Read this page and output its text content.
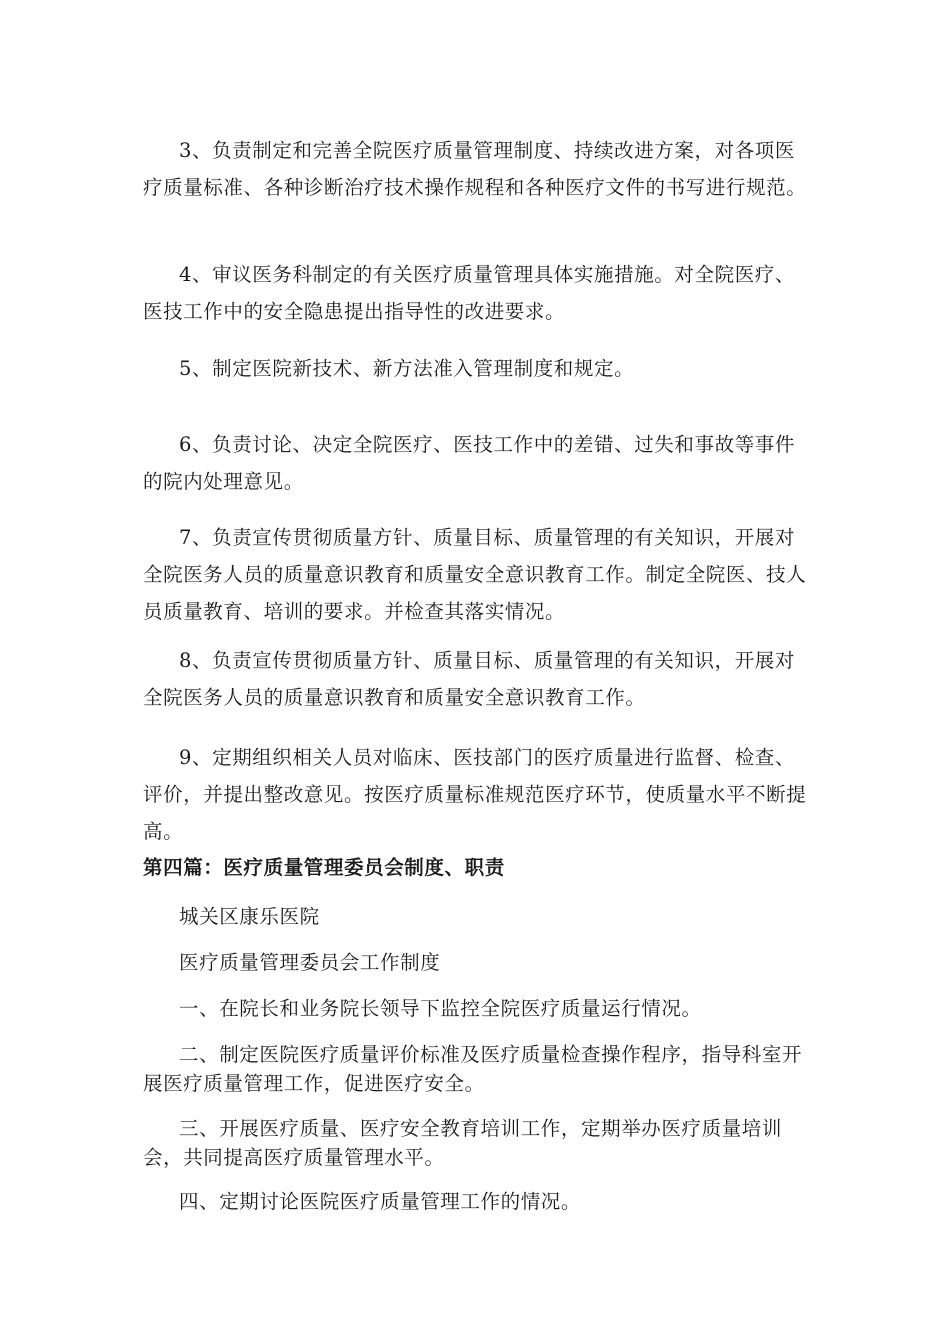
3、负责制定和完善全院医疗质量管理制度、持续改进方案，对各项医疗质量标准、各种诊断治疗技术操作规程和各种医疗文件的书写进行规范。

4、审议医务科制定的有关医疗质量管理具体实施措施。对全院医疗、医技工作中的安全隐患提出指导性的改进要求。

5、制定医院新技术、新方法准入管理制度和规定。

6、负责讨论、决定全院医疗、医技工作中的差错、过失和事故等事件的院内处理意见。

7、负责宣传贯彻质量方针、质量目标、质量管理的有关知识，开展对全院医务人员的质量意识教育和质量安全意识教育工作。制定全院医、技人员质量教育、培训的要求。并检查其落实情况。

8、负责宣传贯彻质量方针、质量目标、质量管理的有关知识，开展对全院医务人员的质量意识教育和质量安全意识教育工作。

9、定期组织相关人员对临床、医技部门的医疗质量进行监督、检查、评价，并提出整改意见。按医疗质量标准规范医疗环节，使质量水平不断提高。

第四篇：医疗质量管理委员会制度、职责

城关区康乐医院

医疗质量管理委员会工作制度

一、在院长和业务院长领导下监控全院医疗质量运行情况。

二、制定医院医疗质量评价标准及医疗质量检查操作程序，指导科室开展医疗质量管理工作，促进医疗安全。

三、开展医疗质量、医疗安全教育培训工作，定期举办医疗质量培训会，共同提高医疗质量管理水平。

四、定期讨论医院医疗质量管理工作的情况。
